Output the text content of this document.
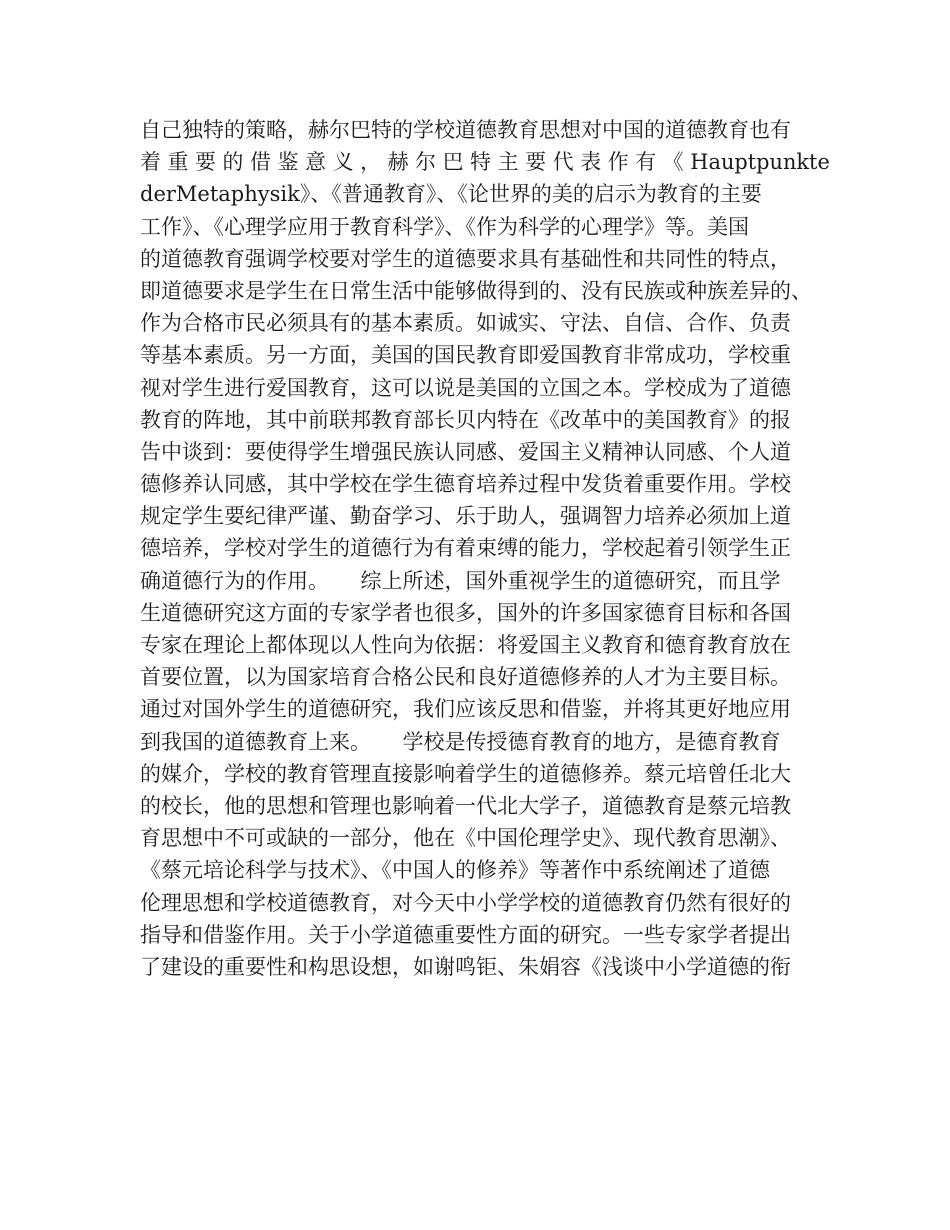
自己独特的策略，赫尔巴特的学校道德教育思想对中国的道德教育也有
着 重 要 的 借 鉴 意 义 ， 赫 尔 巴 特 主 要 代 表 作 有 《 Hauptpunkte
derMetaphysik》、《普通教育》、《论世界的美的启示为教育的主要
工作》、《心理学应用于教育科学》、《作为科学的心理学》等。美国
的道德教育强调学校要对学生的道德要求具有基础性和共同性的特点，
即道德要求是学生在日常生活中能够做得到的、没有民族或种族差异的、
作为合格市民必须具有的基本素质。如诚实、守法、自信、合作、负责
等基本素质。另一方面，美国的国民教育即爱国教育非常成功，学校重
视对学生进行爱国教育，这可以说是美国的立国之本。学校成为了道德
教育的阵地，其中前联邦教育部长贝内特在《改革中的美国教育》的报
告中谈到：要使得学生增强民族认同感、爱国主义精神认同感、个人道
德修养认同感，其中学校在学生德育培养过程中发货着重要作用。学校
规定学生要纪律严谨、勤奋学习、乐于助人，强调智力培养必须加上道
德培养，学校对学生的道德行为有着束缚的能力，学校起着引领学生正
确道德行为的作用。　　综上所述，国外重视学生的道德研究，而且学
生道德研究这方面的专家学者也很多，国外的许多国家德育目标和各国
专家在理论上都体现以人性向为依据：将爱国主义教育和德育教育放在
首要位置，以为国家培育合格公民和良好道德修养的人才为主要目标。
通过对国外学生的道德研究，我们应该反思和借鉴，并将其更好地应用
到我国的道德教育上来。　　学校是传授德育教育的地方，是德育教育
的媒介，学校的教育管理直接影响着学生的道德修养。蔡元培曾任北大
的校长，他的思想和管理也影响着一代北大学子，道德教育是蔡元培教
育思想中不可或缺的一部分，他在《中国伦理学史》、现代教育思潮》、
《蔡元培论科学与技术》、《中国人的修养》等著作中系统阐述了道德
伦理思想和学校道德教育，对今天中小学学校的道德教育仍然有很好的
指导和借鉴作用。关于小学道德重要性方面的研究。一些专家学者提出
了建设的重要性和构思设想，如谢鸣钜、朱娟容《浅谈中小学道德的衔
